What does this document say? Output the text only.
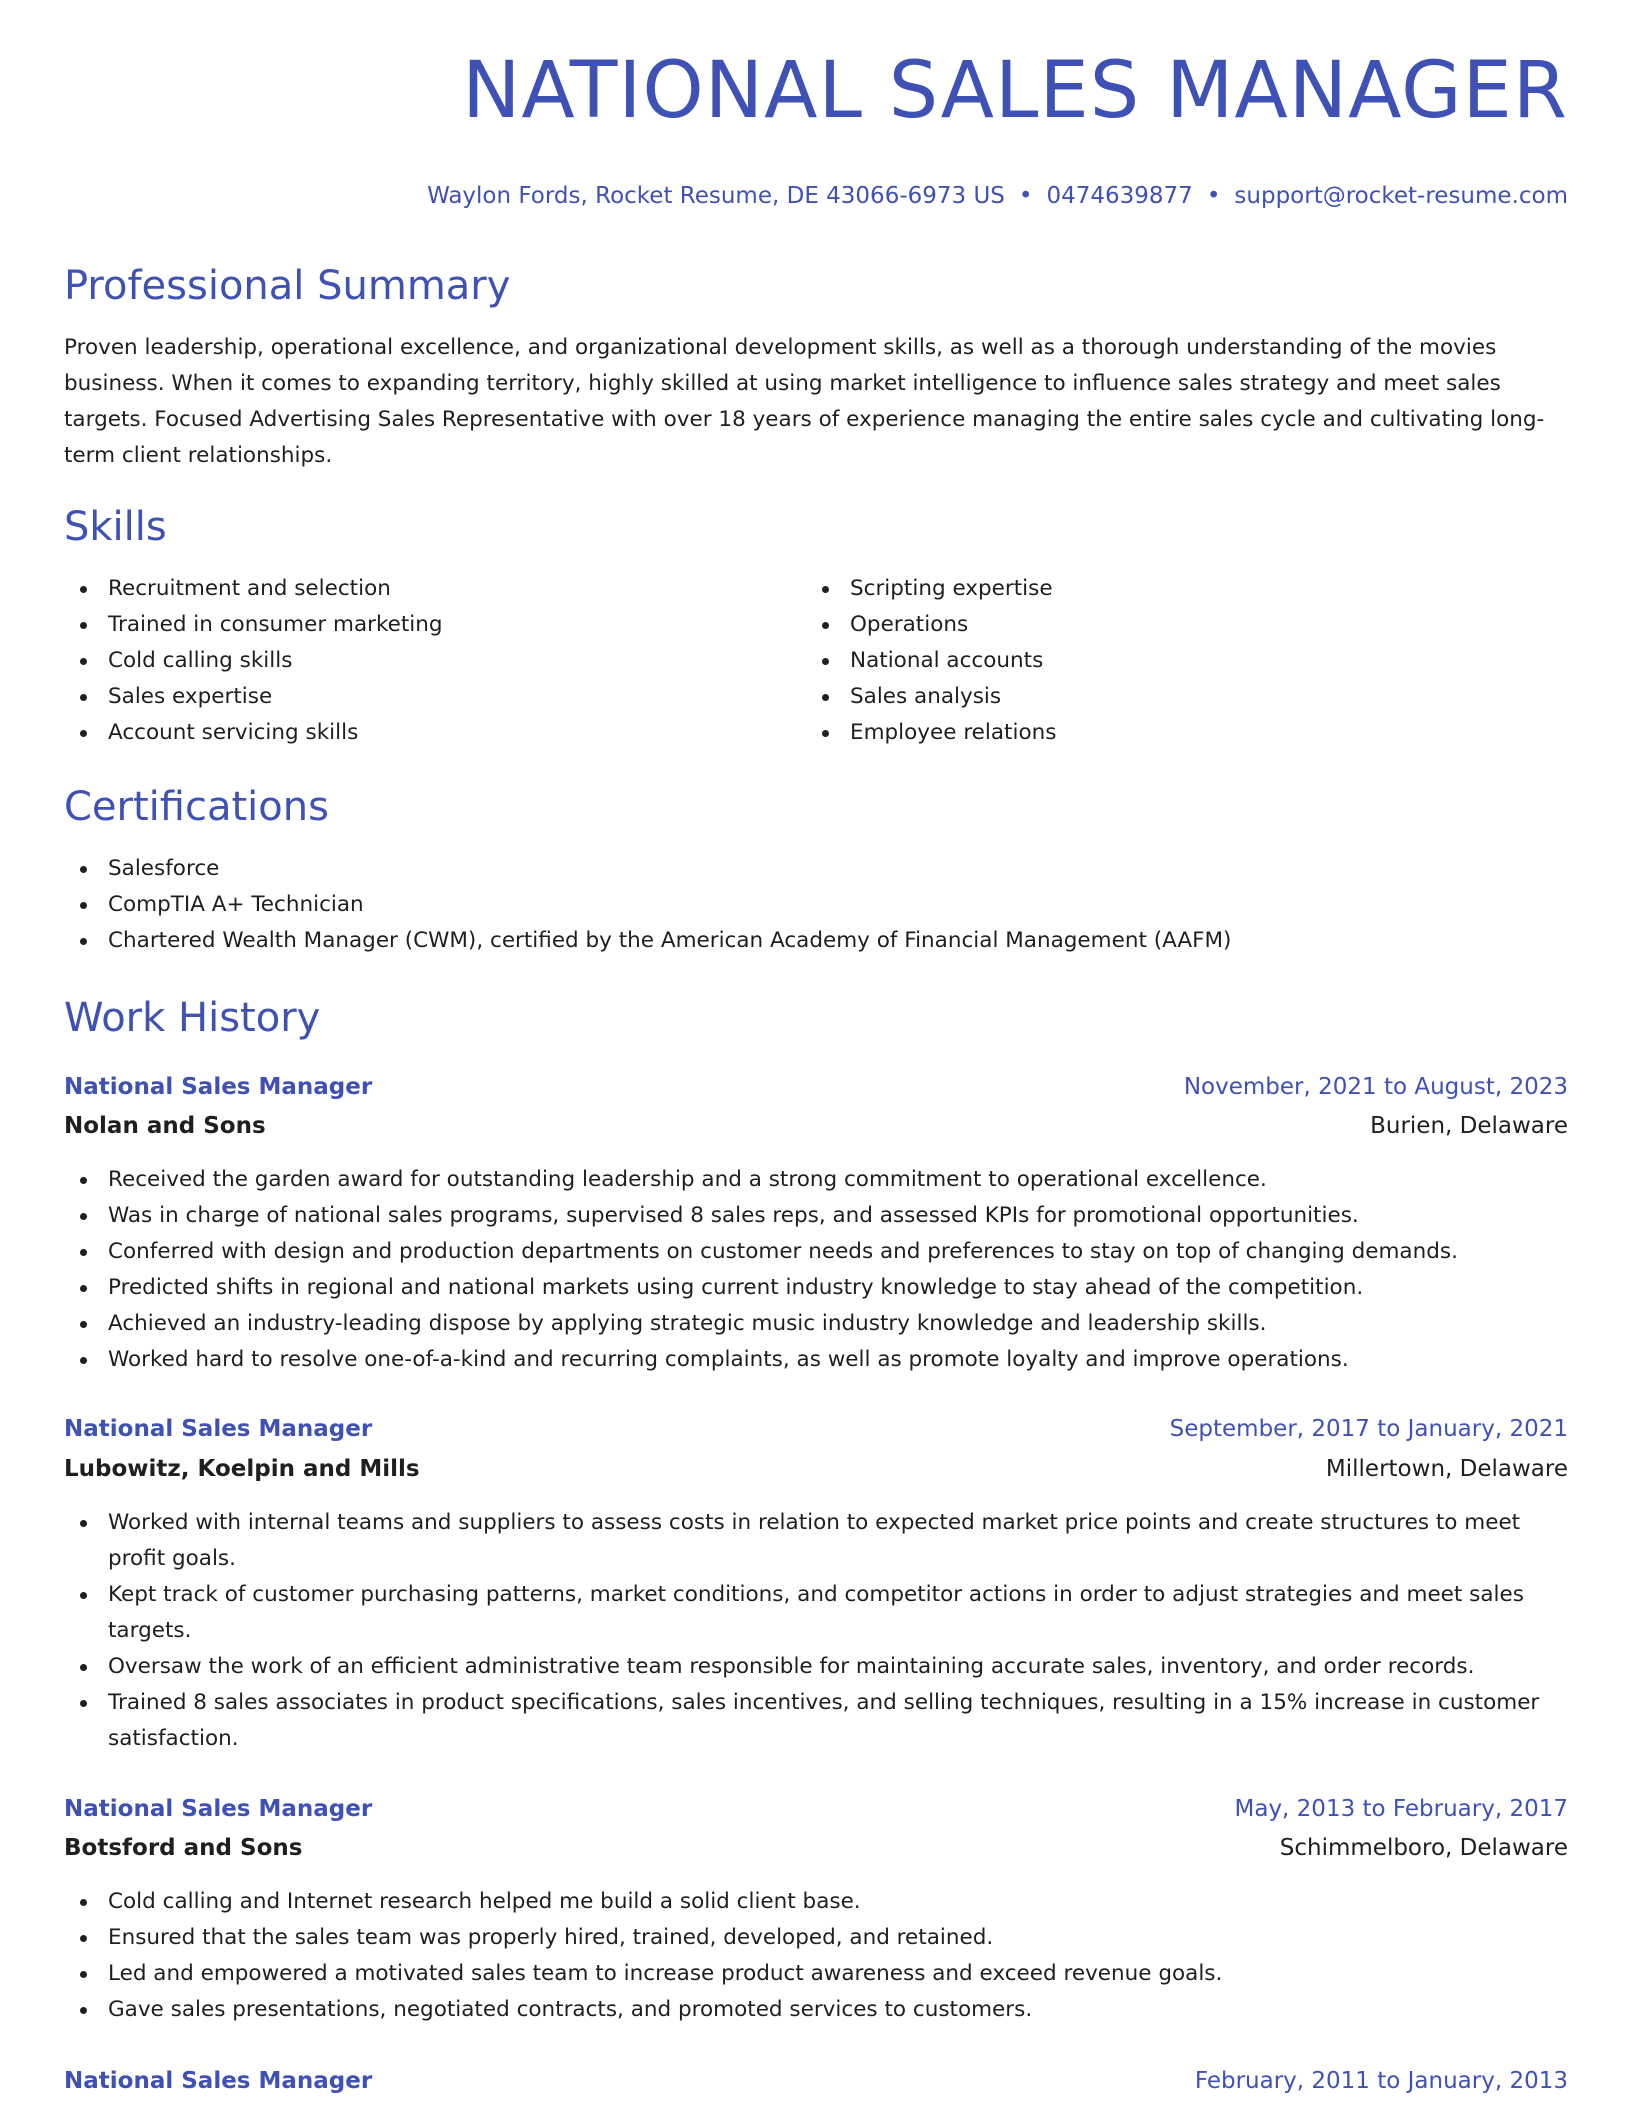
NATIONAL SALES MANAGER
Waylon Fords, Rocket Resume, DE 43066-6973 US • 0474639877 • support@rocket-resume.com
Professional Summary
Proven leadership, operational excellence, and organizational development skills, as well as a thorough understanding of the movies business. When it comes to expanding territory, highly skilled at using market intelligence to influence sales strategy and meet sales targets. Focused Advertising Sales Representative with over 18 years of experience managing the entire sales cycle and cultivating long-term client relationships.
Skills
Recruitment and selection
Trained in consumer marketing
Cold calling skills
Sales expertise
Account servicing skills
Scripting expertise
Operations
National accounts
Sales analysis
Employee relations
Certifications
Salesforce
CompTIA A+ Technician
Chartered Wealth Manager (CWM), certified by the American Academy of Financial Management (AAFM)
Work History
National Sales Manager	November, 2021 to August, 2023
Nolan and Sons	Burien, Delaware
Received the garden award for outstanding leadership and a strong commitment to operational excellence.
Was in charge of national sales programs, supervised 8 sales reps, and assessed KPIs for promotional opportunities.
Conferred with design and production departments on customer needs and preferences to stay on top of changing demands.
Predicted shifts in regional and national markets using current industry knowledge to stay ahead of the competition.
Achieved an industry-leading dispose by applying strategic music industry knowledge and leadership skills.
Worked hard to resolve one-of-a-kind and recurring complaints, as well as promote loyalty and improve operations.
National Sales Manager	September, 2017 to January, 2021
Lubowitz, Koelpin and Mills	Millertown, Delaware
Worked with internal teams and suppliers to assess costs in relation to expected market price points and create structures to meet profit goals.
Kept track of customer purchasing patterns, market conditions, and competitor actions in order to adjust strategies and meet sales targets.
Oversaw the work of an efficient administrative team responsible for maintaining accurate sales, inventory, and order records.
Trained 8 sales associates in product specifications, sales incentives, and selling techniques, resulting in a 15% increase in customer satisfaction.
National Sales Manager	May, 2013 to February, 2017
Botsford and Sons	Schimmelboro, Delaware
Cold calling and Internet research helped me build a solid client base.
Ensured that the sales team was properly hired, trained, developed, and retained.
Led and empowered a motivated sales team to increase product awareness and exceed revenue goals.
Gave sales presentations, negotiated contracts, and promoted services to customers.
National Sales Manager	February, 2011 to January, 2013
